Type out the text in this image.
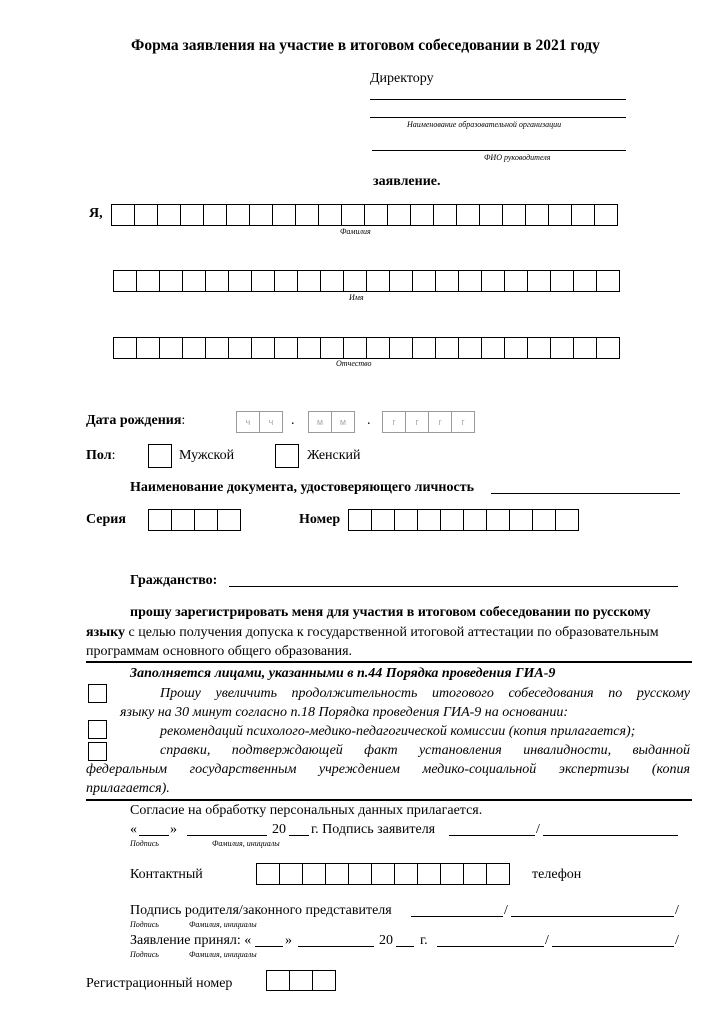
Форма заявления на участие в итоговом собеседовании в 2021 году
Директору
Наименование образовательной организации
ФИО руководителя
заявление.
Я,
Фамилия
Имя
Отчество
Дата рождения:	ч	ч	.	м	м	.	г	г	г	г
Пол:	Мужской	Женский
Наименование документа, удостоверяющего личность
Серия	Номер
Гражданство:
прошу зарегистрировать меня для участия в итоговом собеседовании по русскому
языку с целью получения допуска к государственной итоговой аттестации по образовательным
программам основного общего образования.
Заполняется лицами, указанными в п.44 Порядка проведения ГИА-9
Прошу увеличить продолжительность итогового собеседования по русскому
языку на 30 минут согласно п.18 Порядка проведения ГИА-9 на основании:
рекомендаций психолого-медико-педагогической комиссии (копия прилагается);
справки, подтверждающей факт установления инвалидности, выданной
федеральным государственным учреждением медико-социальной экспертизы (копия
прилагается).
Согласие на обработку персональных данных прилагается.
« »	20 г. Подпись заявителя	/
Подпись	Фамилия, инициалы
Контактный	телефон
Подпись родителя/законного представителя	/	/
Подпись	Фамилия, инициалы
Заявление принял: « »	20 г.	/	/
Подпись	Фамилия, инициалы
Регистрационный номер
